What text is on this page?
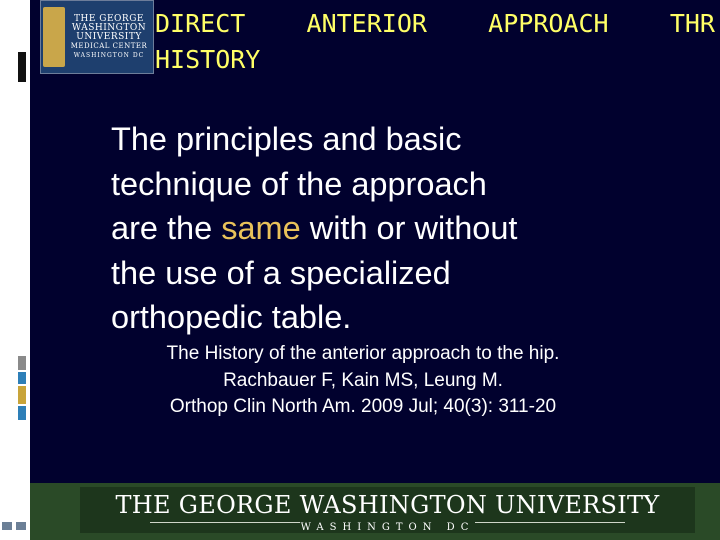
THE GEORGE
WASHINGTON
UNIVERSITY
MEDICAL CENTER
WASHINGTON DC
DIRECT ANTERIOR APPROACH THR
HISTORY
The principles and basic
technique of the approach
are the same with or without
the use of a specialized
orthopedic table.
The History of the anterior approach to the hip.
Rachbauer F, Kain MS, Leung M.
Orthop Clin North Am. 2009 Jul; 40(3): 311-20
THE GEORGE WASHINGTON UNIVERSITY
WASHINGTON DC
